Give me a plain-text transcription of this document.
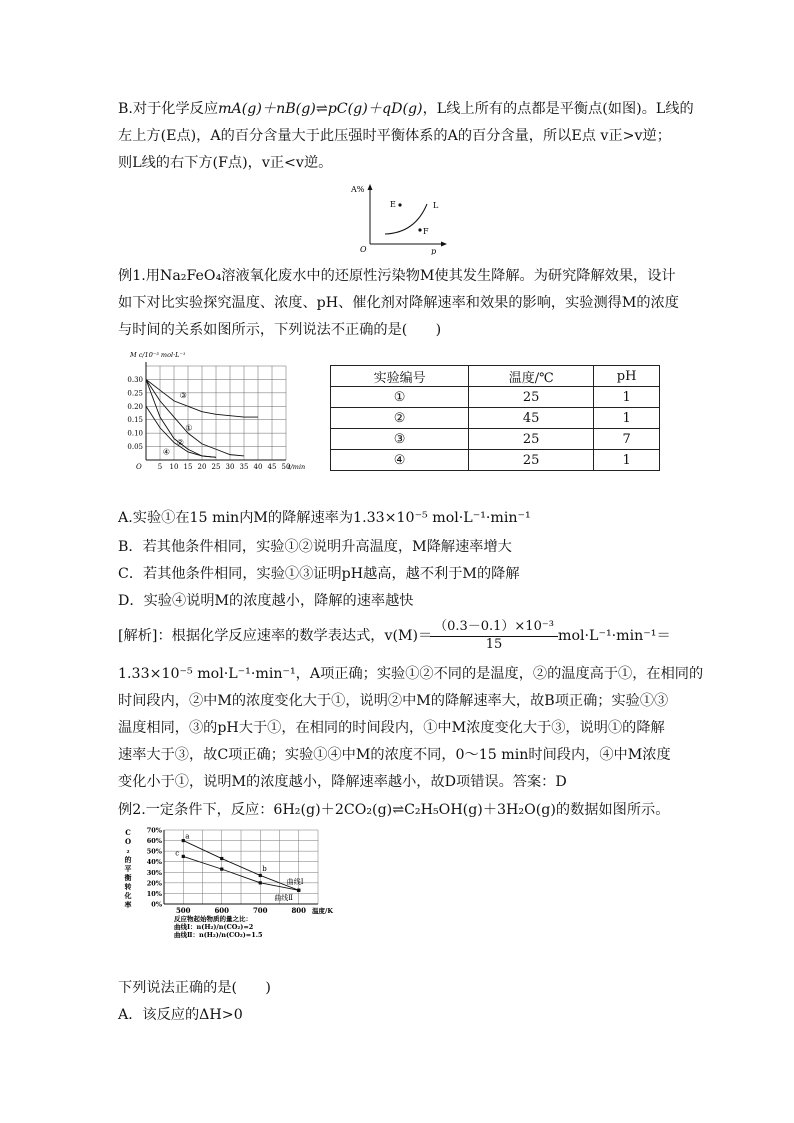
B.对于化学反应mA(g)＋nB(g)⇌pC(g)＋qD(g)，L线上所有的点都是平衡点(如图)。L线的
左上方(E点)，A的百分含量大于此压强时平衡体系的A的百分含量，所以E点 v正>v逆；
则L线的右下方(F点)，v正<v逆。
A%
O	p
L
E
F
例1.用Na₂FeO₄溶液氧化废水中的还原性污染物M使其发生降解。为研究降解效果，设计
如下对比实验探究温度、浓度、pH、催化剂对降解速率和效果的影响，实验测得M的浓度
与时间的关系如图所示，下列说法不正确的是(　　)
5 10 15 20 25 30 35 40 45 50
0.30
0.25
0.20
0.15
0.10
0.05
O	t/min
M c/10⁻³ mol·L⁻¹
①
②
③
④
实验编号	温度/℃	pH
①	25	1
②	45	1
③	25	7
④	25	1
A.实验①在15 min内M的降解速率为1.33×10⁻⁵ mol·L⁻¹·min⁻¹
B．若其他条件相同，实验①②说明升高温度，M降解速率增大
C．若其他条件相同，实验①③证明pH越高，越不利于M的降解
D．实验④说明M的浓度越小，降解的速率越快
[解析]：根据化学反应速率的数学表达式，v(M)＝
（0.3－0.1）×10⁻³
15
mol·L⁻¹·min⁻¹＝
1.33×10⁻⁵ mol·L⁻¹·min⁻¹，A项正确；实验①②不同的是温度，②的温度高于①，在相同的
时间段内，②中M的浓度变化大于①，说明②中M的降解速率大，故B项正确；实验①③
温度相同，③的pH大于①，在相同的时间段内，①中M浓度变化大于③，说明①的降解
速率大于③，故C项正确；实验①④中M的浓度不同，0～15 min时间段内，④中M浓度
变化小于①，说明M的浓度越小，降解速率越小，故D项错误。答案：D
例2.一定条件下，反应：6H₂(g)＋2CO₂(g)⇌C₂H₅OH(g)＋3H₂O(g)的数据如图所示。
500	600	700	800
70%
60%
50%
40%
30%
20%
10%
0%
温度/K
C O ₂ 的平衡转化率
曲线Ⅰ
曲线Ⅱ
a
b
c
反应物起始物质的量之比：
曲线Ⅰ：n(H₂)/n(CO₂)=2
曲线Ⅱ：n(H₂)/n(CO₂)=1.5
下列说法正确的是(　　)
A．该反应的ΔH>0
